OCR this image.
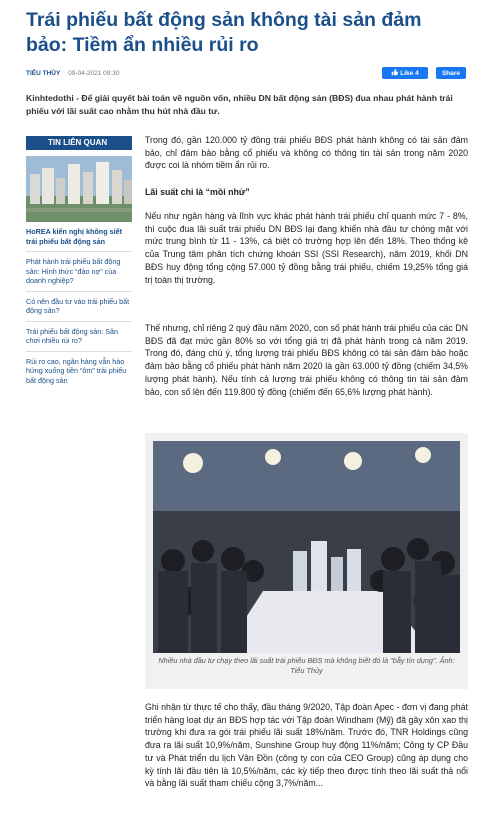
Trái phiếu bất động sản không tài sản đảm bảo: Tiềm ẩn nhiều rủi ro
TIỂU THỦY 09-04-2021 09:30	Like 4	Share
Kinhtedothi - Để giải quyết bài toán về nguồn vốn, nhiều DN bất động sản (BĐS) đua nhau phát hành trái phiếu với lãi suất cao nhằm thu hút nhà đầu tư.
TIN LIÊN QUAN
HoREA kiến nghị không siết trái phiếu bất động sản
Phát hành trái phiếu bất động sản: Hình thức “đảo nợ” của doanh nghiệp?
Có nên đầu tư vào trái phiếu bất động sản?
Trái phiếu bất động sản: Sân chơi nhiều rủi ro?
Rủi ro cao, ngân hàng vẫn hào hứng xuống tiền “ôm” trái phiếu bất động sản
Trong đó, gần 120.000 tỷ đồng trái phiếu BĐS phát hành không có tài sản đảm bảo, chỉ đảm bảo bằng cổ phiếu và không có thông tin tài sản trong năm 2020 được coi là nhóm tiềm ẩn rủi ro.
Lãi suất chỉ là “mồi nhử”
Nếu như ngân hàng và lĩnh vực khác phát hành trái phiếu chỉ quanh mức 7 - 8%, thì cuộc đua lãi suất trái phiếu DN BĐS lại đang khiến nhà đầu tư chóng mặt với mức trung bình từ 11 - 13%, cá biệt có trường hợp lên đến 18%. Theo thống kê của Trung tâm phân tích chứng khoán SSI (SSI Research), năm 2019, khối DN BĐS huy động tổng cộng 57.000 tỷ đồng bằng trái phiếu, chiếm 19,25% tổng giá trị toàn thị trường.
Thế nhưng, chỉ riêng 2 quý đầu năm 2020, con số phát hành trái phiếu của các DN BĐS đã đạt mức gần 80% so với tổng giá trị đã phát hành trong cả năm 2019. Trong đó, đáng chú ý, tổng lượng trái phiếu BĐS không có tài sản đảm bảo hoặc đảm bảo bằng cổ phiếu phát hành năm 2020 là gần 63.000 tỷ đồng (chiếm 34,5% lượng phát hành). Nếu tính cả lượng trái phiếu không có thông tin tài sản đảm bảo, con số lên đến 119.800 tỷ đồng (chiếm đến 65,6% lượng phát hành).
Nhiều nhà đầu tư chạy theo lãi suất trái phiếu BĐS mà không biết đó là "bẫy tín dụng". Ảnh: Tiểu Thủy
Ghi nhận từ thực tế cho thấy, đầu tháng 9/2020, Tập đoàn Apec - đơn vị đang phát triển hàng loạt dự án BĐS hợp tác với Tập đoàn Windham (Mỹ) đã gây xôn xao thị trường khi đưa ra gói trái phiếu lãi suất 18%/năm. Trước đó, TNR Holdings cũng đưa ra lãi suất 10,9%/năm, Sunshine Group huy động 11%/năm; Công ty CP Đầu tư và Phát triển du lịch Vân Đồn (công ty con của CEO Group) cũng áp dụng cho kỳ tính lãi đầu tiên là 10,5%/năm, các kỳ tiếp theo được tính theo lãi suất thả nổi và bằng lãi suất tham chiếu cộng 3,7%/năm...
